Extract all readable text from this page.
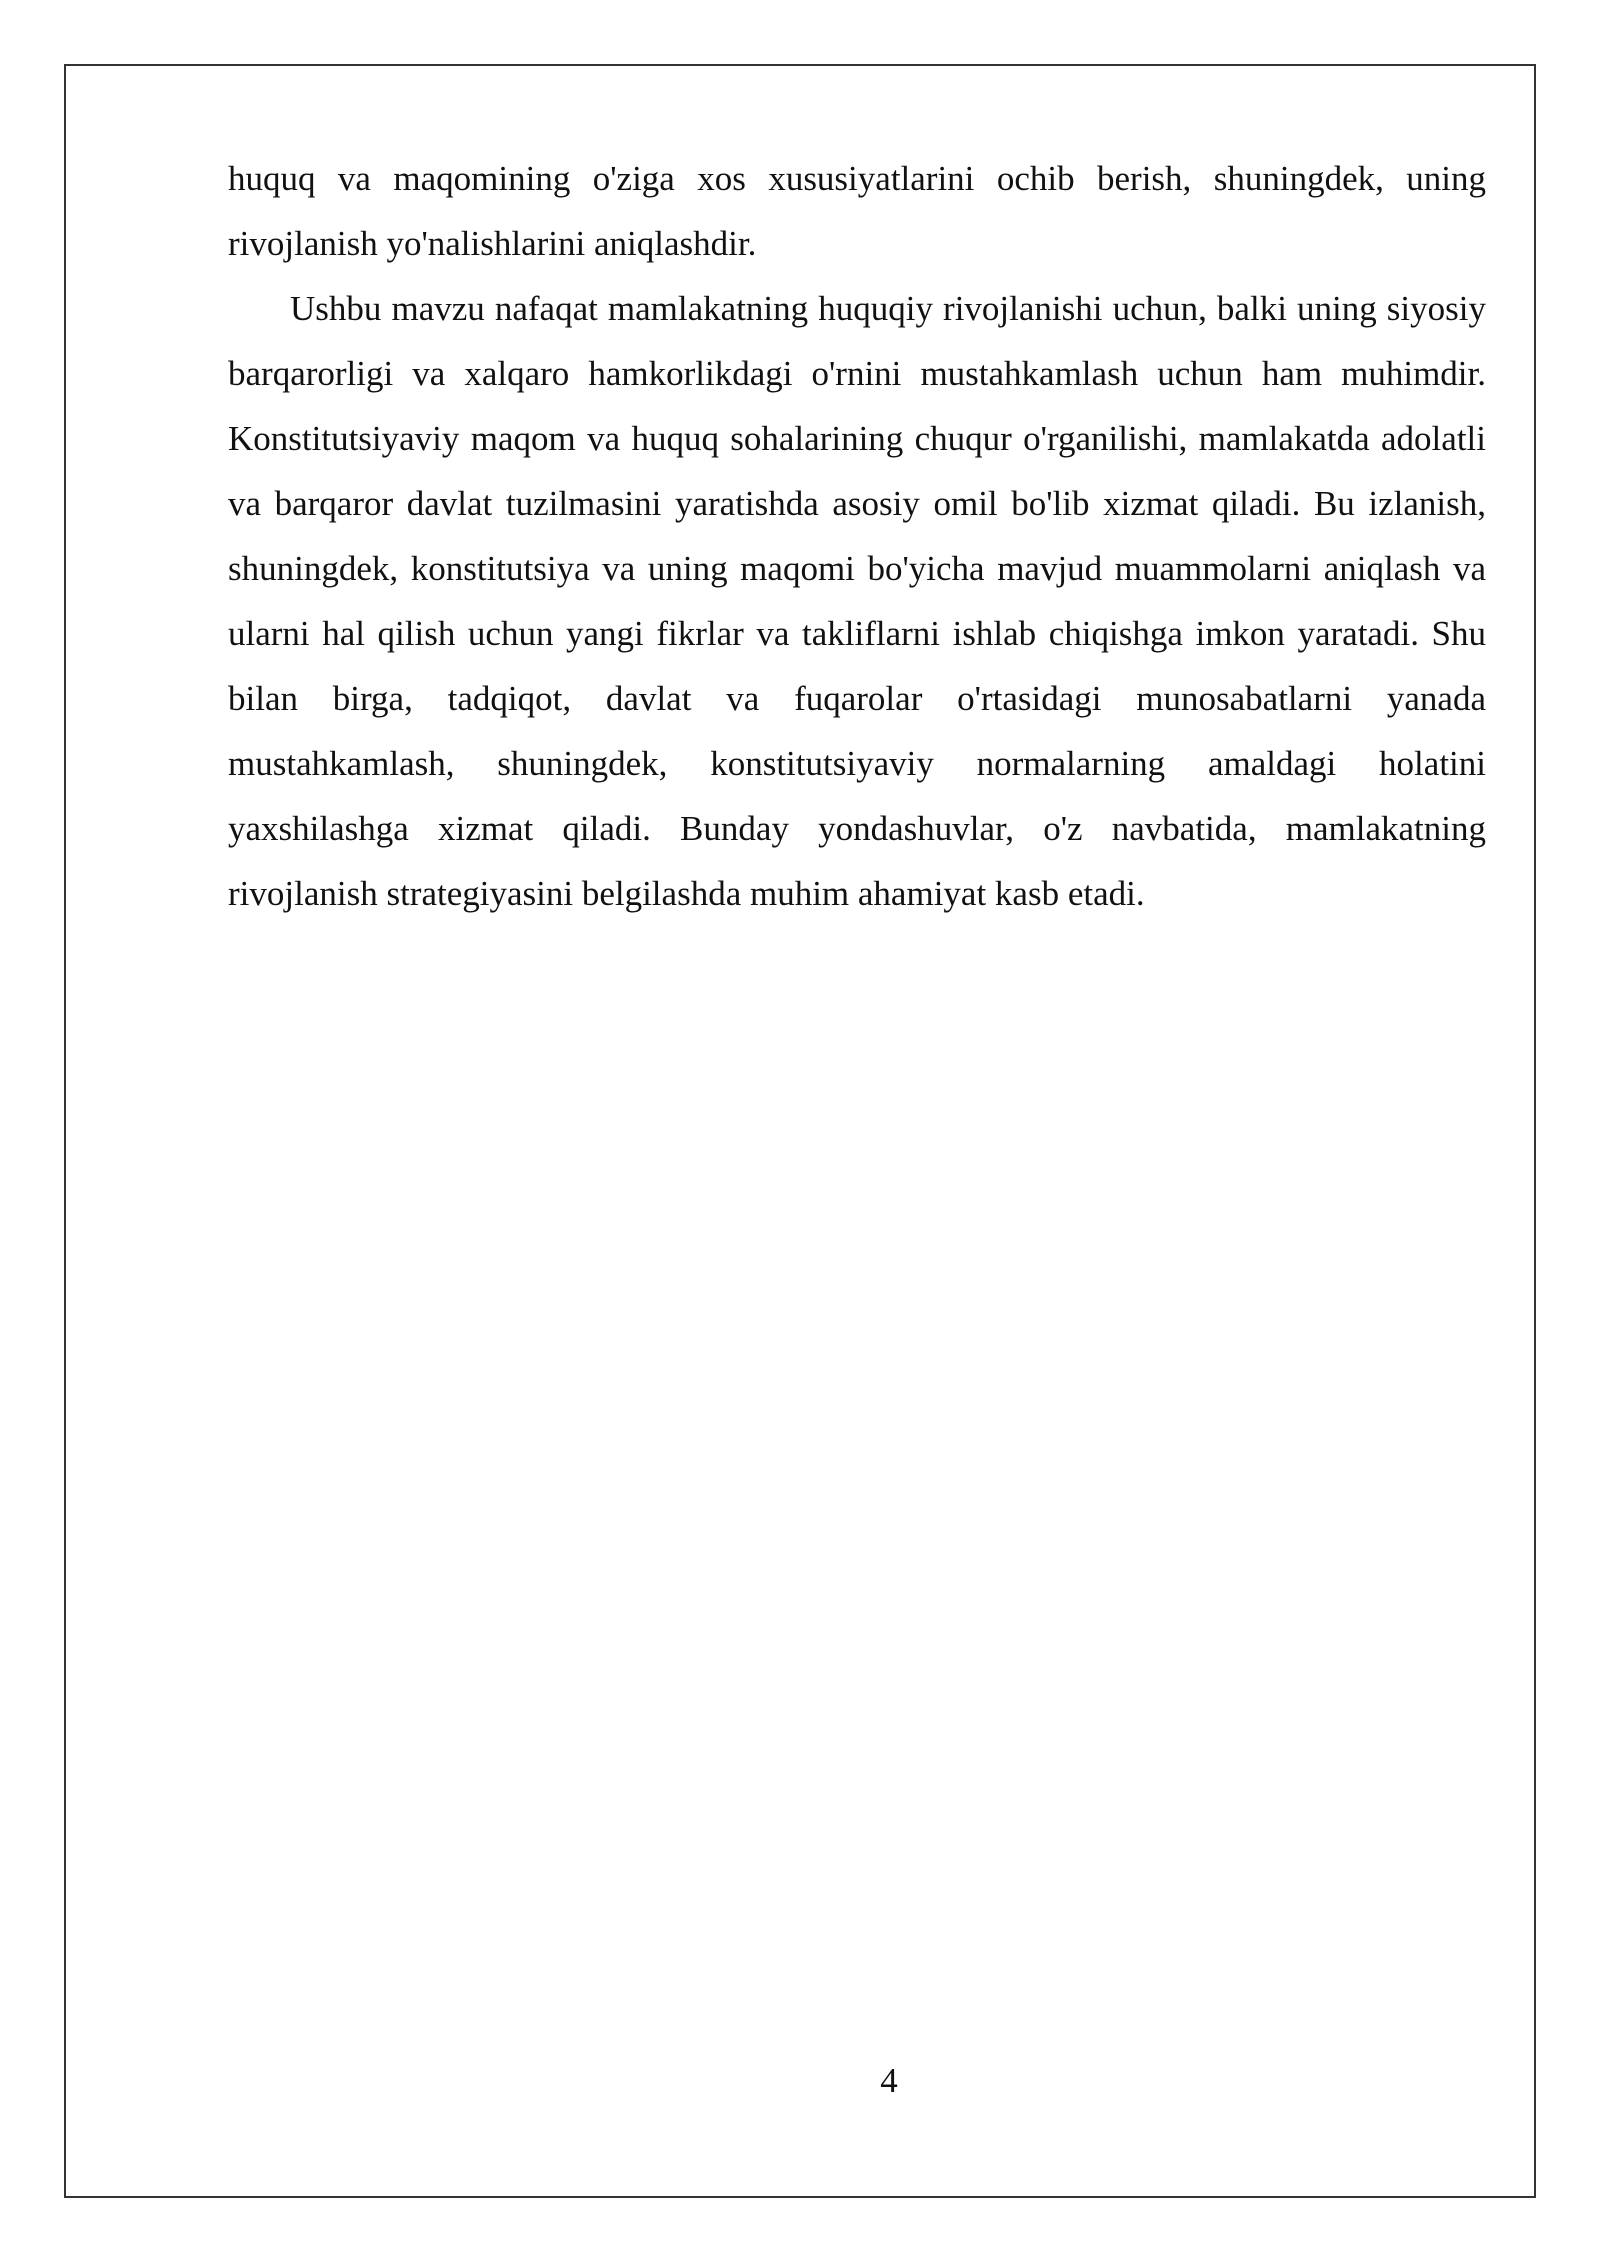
huquq va maqomining o'ziga xos xususiyatlarini ochib berish, shuningdek, uning rivojlanish yo'nalishlarini aniqlashdir.

Ushbu mavzu nafaqat mamlakatning huquqiy rivojlanishi uchun, balki uning siyosiy barqarorligi va xalqaro hamkorlikdagi o'rnini mustahkamlash uchun ham muhimdir. Konstitutsiyaviy maqom va huquq sohalarining chuqur o'rganilishi, mamlakatda adolatli va barqaror davlat tuzilmasini yaratishda asosiy omil bo'lib xizmat qiladi. Bu izlanish, shuningdek, konstitutsiya va uning maqomi bo'yicha mavjud muammolarni aniqlash va ularni hal qilish uchun yangi fikrlar va takliflarni ishlab chiqishga imkon yaratadi. Shu bilan birga, tadqiqot, davlat va fuqarolar o'rtasidagi munosabatlarni yanada mustahkamlash, shuningdek, konstitutsiyaviy normalarning amaldagi holatini yaxshilashga xizmat qiladi. Bunday yondashuvlar, o'z navbatida, mamlakatning rivojlanish strategiyasini belgilashda muhim ahamiyat kasb etadi.

4
